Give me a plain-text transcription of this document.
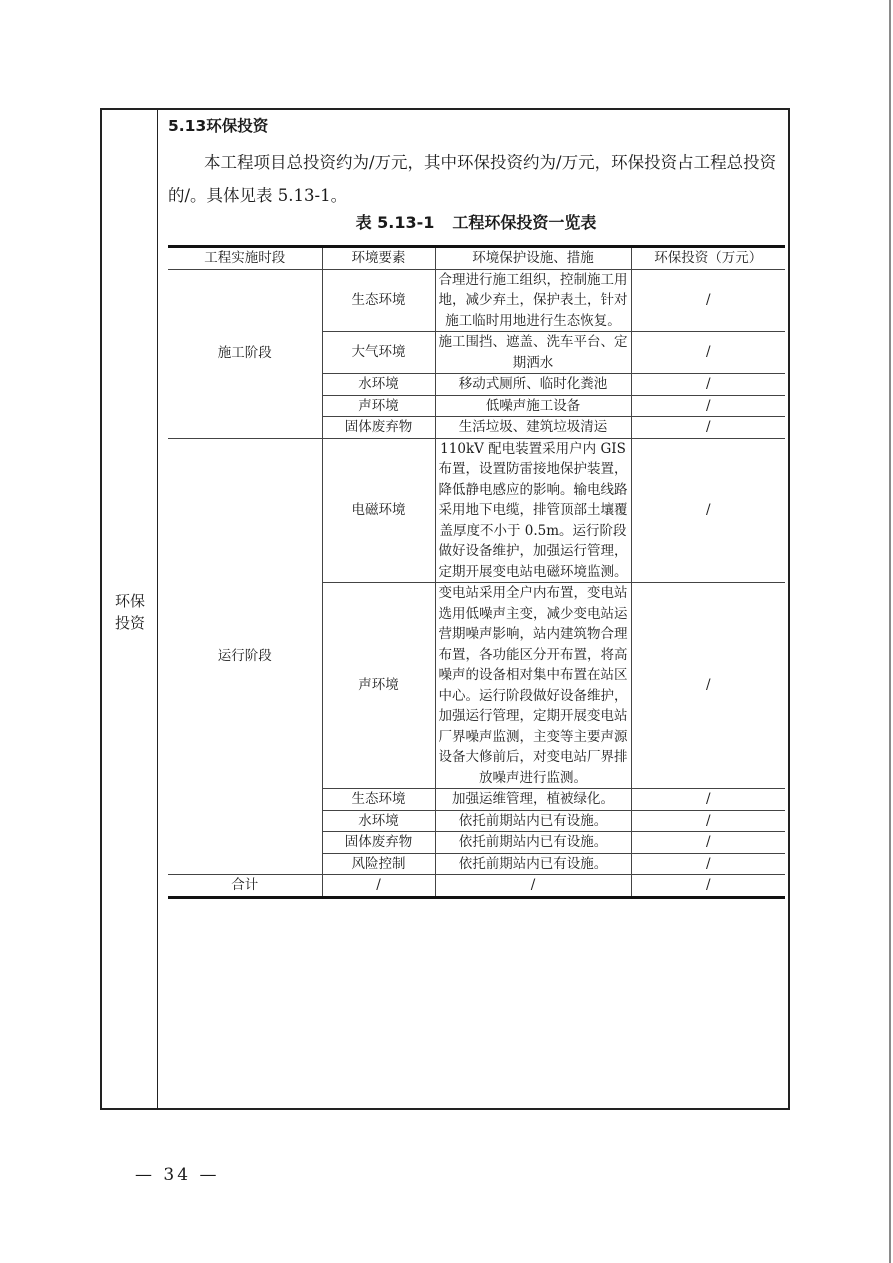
环保
投资
5.13环保投资
本工程项目总投资约为/万元，其中环保投资约为/万元，环保投资占工程总投资的/。具体见表 5.13-1。
表 5.13-1 工程环保投资一览表
工程实施时段	环境要素	环境保护设施、措施	环保投资（万元）
施工阶段	生态环境	合理进行施工组织，控制施工用地，减少弃土，保护表土，针对施工临时用地进行生态恢复。	/
	大气环境	施工围挡、遮盖、洗车平台、定期洒水	/
	水环境	移动式厕所、临时化粪池	/
	声环境	低噪声施工设备	/
	固体废弃物	生活垃圾、建筑垃圾清运	/
运行阶段	电磁环境	110kV 配电装置采用户内 GIS 布置，设置防雷接地保护装置，降低静电感应的影响。输电线路采用地下电缆，排管顶部土壤覆盖厚度不小于 0.5m。运行阶段做好设备维护，加强运行管理，定期开展变电站电磁环境监测。	/
	声环境	变电站采用全户内布置，变电站选用低噪声主变，减少变电站运营期噪声影响，站内建筑物合理布置，各功能区分开布置，将高噪声的设备相对集中布置在站区中心。运行阶段做好设备维护，加强运行管理，定期开展变电站厂界噪声监测，主变等主要声源设备大修前后，对变电站厂界排放噪声进行监测。	/
	生态环境	加强运维管理，植被绿化。	/
	水环境	依托前期站内已有设施。	/
	固体废弃物	依托前期站内已有设施。	/
	风险控制	依托前期站内已有设施。	/
合计	/	/	/
— 34 —
